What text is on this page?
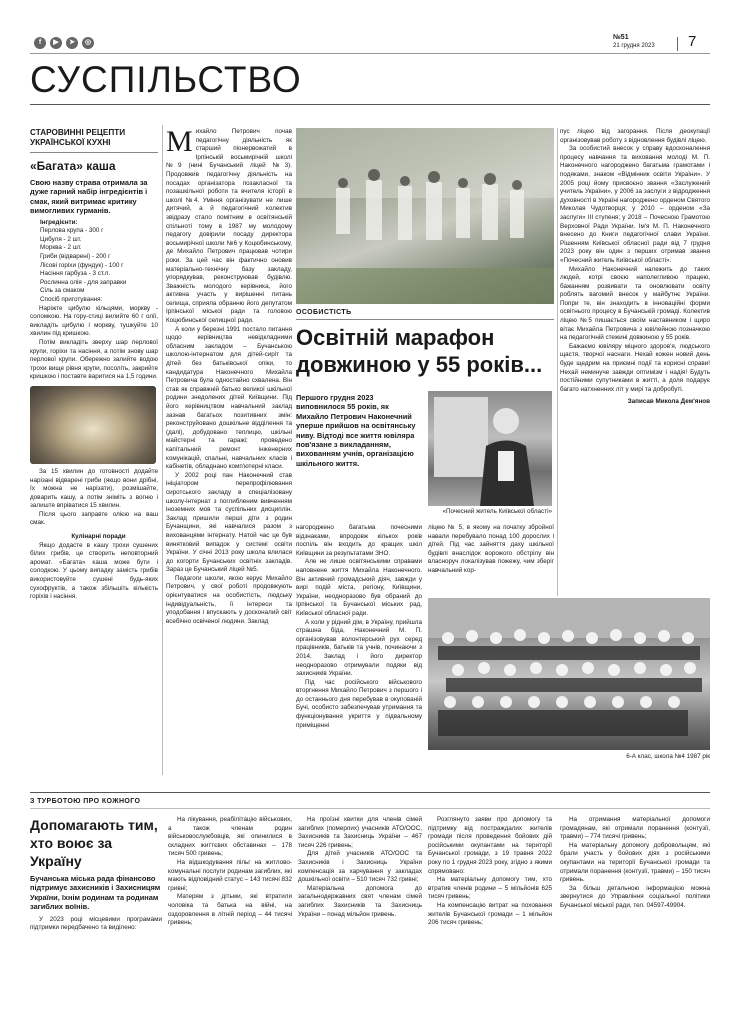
f	▶	➤	◎
№51
21 грудня 2023 7
СУСПІЛЬСТВО
СТАРОВИННІ РЕЦЕПТИ УКРАЇНСЬКОЇ КУХНІ
«Багата» каша
Свою назву страва отримала за дуже гарний набір інгредієнтів і смак, який витримає критику вимогливих гурманів.

Інгредієнти:

Перлова крупа - 300 г

Цибуля - 2 шт.

Морква - 2 шт.

Гриби (відварені) - 200 г

Лісові горіхи (фундук) - 100 г

Насіння гарбуза - 3 ст.л.

Рослинна олія - для заправки

Сіль за смаком

Спосіб приготування:

Наріжте цибулю кільцями, моркву - соломкою. На гору-стиці вилийте 60 г олії, викладіть цибулю і моркву, тушкуйте 10 хвилин під кришкою.

Потім викладіть зверху шар перлової крупи, горіхи та насіння, а потім знову шар перлової крупи. Обережно залийте водою трохи вище рівня крупи, посоліть, закрийте кришкою і поставте варитися на 1,5 години.

За 15 хвилин до готовності додайте нарізані відварені гриби (якщо вони дрібні, їх можна не нарізати), розмішайте, доварить кашу, а потім зніміть з вогню і залиште впріватися 15 хвилин.

Після цього заправте олією на ваш смак.

Кулінарні поради

Якщо додасте в кашу трохи сушених білих грибів, це створить неповторний аромат. «Багата» каша може бути і солодкою. У цьому випадку замість грибів використовуйте сушені будь-яких сухофруктів, а також збільшіть кількість горіхів і насіння.

Михайло Петрович почав педагогічну діяльність як старший піонервожатий в Ірпінській восьмирічній школі №9 (нині Бучанський ліцей №3). Продовжив педагогічну діяльність на посадах організатора позакласної та позашкільної роботи та вчителя історії в школі №4. Уміння організувати не лише дитячий, а й педагогічний колектив звідразу стало помітним в освітянській спільноті тому в 1987 му молодому педагогу довірили посаду директора восьмирічної школи №6 у Коцюбинському, де Михайло Петрович працював чотири роки. За цей час він фактично оновив матеріально-технічну базу закладу, упорядкував, реконструював будівлю. Зважність молодого керівника, його активна участь у вирішенні питань селища, сприяла обранню його депутатом Ірпінської міської ради та головою Коцюбинської селищної ради.

А коли у березні 1991 постало питання щодо керівництва невідкладними обласним закладом – Бучанською школою-інтернатом для дітей-сиріт та дітей без батьківської опіки, то кандидатура Наконечного Михайла Петровича була одностайно схвалена. Він став як справжній батько великої шкільної родини знедолених дітей Київщини. Під його керівництвом навчальний заклад зазнав багатьох позитивних змін: реконструйовано дошкільне відділення та (далі), добудовано теплицю, шкільні майстерні та гаражі; проведено капітальний ремонт інженерних комунікацій, спальні, навчальних класів і кабінетів, обладнано комп'ютерні класи.

У 2002 році пан Наконечний став ініціатором перепрофілювання сиротського закладу в спеціалізовану школу-інтернат з поглибленим вивченням іноземних мов та суспільних дисциплін. Заклад пришили перші діти з родин Бучанщини, які навчалися разом з вихованцями інтернату. Натой час це був винятковий випадок у системі освіти України. У січні 2013 року школа влилася до когорти Бучанських освітніх закладів. Зараз це Бучанський ліцей №5.

Педагоги школи, якою керує Михайло Петрович, у свої роботі продовжують орієнтуватися на особистість, людську індивідуальність, її інтереси та уподобання і впускають у досконалий світ всебічно освіченої людини. Заклад

ОСОБИСТІСТЬ
Освітній марафон довжиною у 55 років...
Першого грудня 2023 виповнилося 55 років, як Михайло Петрович Наконечний уперше прийшов на освітянську ниву. Відтоді все життя ювіляра пов'язане з викладанням, вихованням учнів, організацією шкільного життя.
«Почесний житель Київської області»

нагороджено багатьма почесними відзнаками, впродовж кількох років поспіль він входить до кращих шкіл Київщини за результатами ЗНО.

Але не лише освітянськими справами наповнене життя Михайла Наконечного. Він активний громадський діяч, завжди у вирі подій міста, регіону, Київщини, України, неодноразово був обраний до Ірпінської та Бучанської міських рад, Київської обласної ради.

А коли у рідний дім, в Україну, прийшла страшна біда, Наконечний М. П. організовував волонтерський рух серед працівників, батьків та учнів, починаючи з 2014. Заклад і його директор неодноразово отримували подяки від захисників України.

Під час російського військового вторгнення Михайло Петрович з першого і до останнього дня перебував в окупованій Бучі, особисто забезпечував утримання та функціонування укриття у підвальному приміщенні

ліцею № 5, в якому на початку збройної навали перебувало понад 100 дорослих і дітей. Під час зайняття даху шкільної будівлі внаслідок ворожого обстрілу він власноруч локалізував пожежу, чим зберіг навчальний кор-

6-А клас, школа №4 1987 рік

пус ліцею від загорання. Після деокупації організовував роботу з відновлення будівлі ліцею.

За особистий внесок у справу вдосконалення процесу навчання та виховання молоді М. П. Наконечного нагороджено багатьма грамотами і подяками, знаком «Відмінник освіти України». У 2005 році йому присвоєно звання «Заслужений учитель України», у 2006 за заслуги з відродження духовності в Україні нагороджено орденом Святого Миколая Чудотворця; у 2010 – орденом «За заслуги» III ступеня; у 2018 – Почесною Грамотою Верховної Ради України. Ім'я М. П. Наконечного внесено до Книги педагогічної слави України. Рішенням Київської обласної ради від 7 грудня 2023 року він один з перших отримав звання «Почесний житель Київської області».

Михайло Наконечний належить до таких людей, котрі своєю наполегливою працею, бажанням розвивати та оновлювати освіту роблять вагомий внесок у майбутнє України. Попри те, він знаходить в інноваційні форми освітнього процесу в Бучанській громаді. Колектив ліцею №5 пишається своїм наставником і щиро вітає Михайла Петровича з ювілейною позначкою на педагогічній стежині довжиною у 55 років.

Бажаємо ювіляру міцного здоров'я, людського щастя, творчої наснаги. Нехай кожен новий день буде щедрим на приємні події та корисні справи! Нехай неминуче завжди оптимізм і надія! Будуть постійними супутниками в житті, а доля подарує багато натхненних літ у мирі та добробуті.

Записав Микола Дем'янов

З ТУРБОТОЮ ПРО КОЖНОГО
Допомагають тим, хто воює за Україну
Бучанська міська рада фінансово підтримує захисників і Захисницям України, їхнім родинам та родинам загиблих воїнів.

У 2023 році місцевими програмами підтримки передбачено та виділено:

На лікування, реабілітацію військових, а також членам родин військовослужбовців, які опинилися в складних життєвих обставинах – 178 тисяч 500 гривень;

На відшкодування пільг на житлово-комунальні послуги родинам загиблих, які мають відповідний статус – 143 тисячі 832 гривні;

Матерям з дітьми, які втратили чоловіка та батька на війні, на оздоровлення в літній період – 44 тисячі гривень;

На проїзні квитки для членів сімей загиблих (померлих) учасників АТО/ООС, Захисників та Захисниць України – 467 тисяч 226 гривень;

Для дітей учасників АТО/ООС та Захисників і Захисниць України компенсація за харчування у закладах дошкільної освіти – 510 тисяч 732 гривні;

Матеріальна допомога до загальнодержавних свят членам сімей загиблих Захисників та Захисниць України – понад мільйон гривень.

Розглянуто заяви про допомогу та підтримку від постраждалих жителів громади після проведення бойових дій російськими окупантами на території Бучанської громади, з 19 травня 2022 року по 1 грудня 2023 року, згідно з якими спрямовано:

На матеріальну допомогу тим, хто втратив членів родини – 5 мільйонів 625 тисяч гривень;

На компенсацію витрат на поховання жителів Бучанської громади – 1 мільйон 206 тисяч гривень;

На отримання матеріальної допомоги громадянам, які отримали поранення (контузії, травми) – 774 тисячі гривень;

На матеріальну допомогу добровольцям, які брали участь у бойових діях з російськими окупантами на території Бучанської громади та отримали поранення (контузії, травми) – 150 тисяч гривень.

За більш детальною інформацією можна звернутися до Управління соціальної політики Бучанської міської ради, тел. 04597-49904.
